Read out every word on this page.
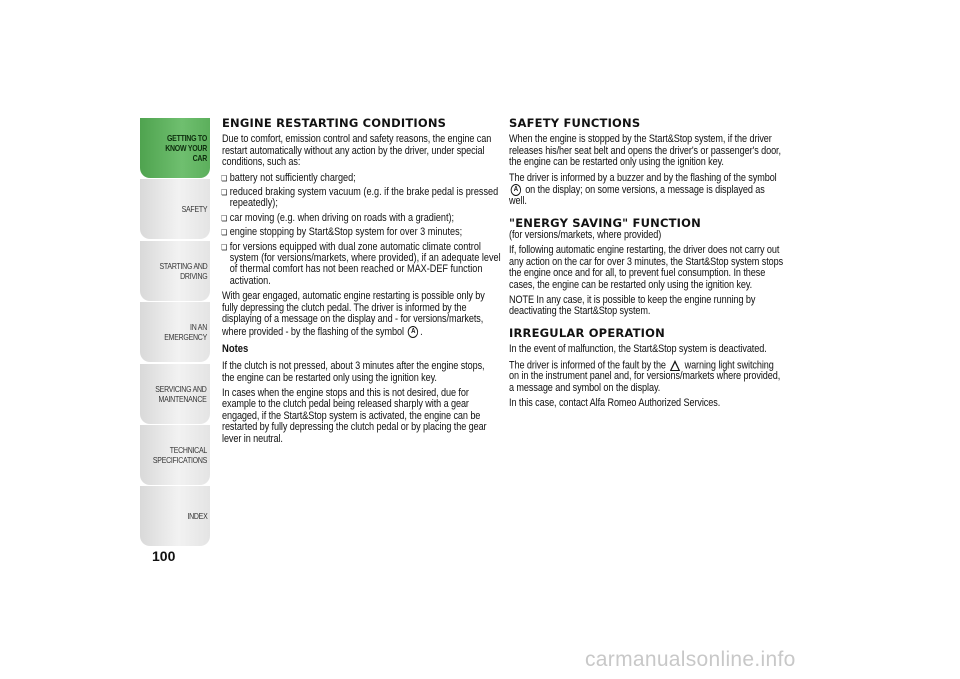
GETTING TO
KNOW YOUR CAR
SAFETY
STARTING AND
DRIVING
IN AN EMERGENCY
SERVICING AND
MAINTENANCE
TECHNICAL
SPECIFICATIONS
INDEX
100
ENGINE RESTARTING CONDITIONS

Due to comfort, emission control and safety reasons, the engine can restart automatically without any action by the driver, under special conditions, such as:

❏ battery not sufficiently charged;
❏ reduced braking system vacuum (e.g. if the brake pedal is pressed repeatedly);
❏ car moving (e.g. when driving on roads with a gradient);
❏ engine stopping by Start&Stop system for over 3 minutes;
❏ for versions equipped with dual zone automatic climate control system (for versions/markets, where provided), if an adequate level of thermal comfort has not been reached or MAX-DEF function activation.

With gear engaged, automatic engine restarting is possible only by fully depressing the clutch pedal. The driver is informed by the displaying of a message on the display and - for versions/markets, where provided - by the flashing of the symbol A .

Notes

If the clutch is not pressed, about 3 minutes after the engine stops, the engine can be restarted only using the ignition key.

In cases when the engine stops and this is not desired, due for example to the clutch pedal being released sharply with a gear engaged, if the Start&Stop system is activated, the engine can be restarted by fully depressing the clutch pedal or by placing the gear lever in neutral.

SAFETY FUNCTIONS

When the engine is stopped by the Start&Stop system, if the driver releases his/her seat belt and opens the driver's or passenger's door, the engine can be restarted only using the ignition key.

The driver is informed by a buzzer and by the flashing of the symbol A on the display; on some versions, a message is displayed as well.

"ENERGY SAVING" FUNCTION

(for versions/markets, where provided)

If, following automatic engine restarting, the driver does not carry out any action on the car for over 3 minutes, the Start&Stop system stops the engine once and for all, to prevent fuel consumption. In these cases, the engine can be restarted only using the ignition key.

NOTE In any case, it is possible to keep the engine running by deactivating the Start&Stop system.

IRREGULAR OPERATION

In the event of malfunction, the Start&Stop system is deactivated.

The driver is informed of the fault by the warning light switching on in the instrument panel and, for versions/markets where provided, a message and symbol on the display.

In this case, contact Alfa Romeo Authorized Services.

carmanualsonline.info
